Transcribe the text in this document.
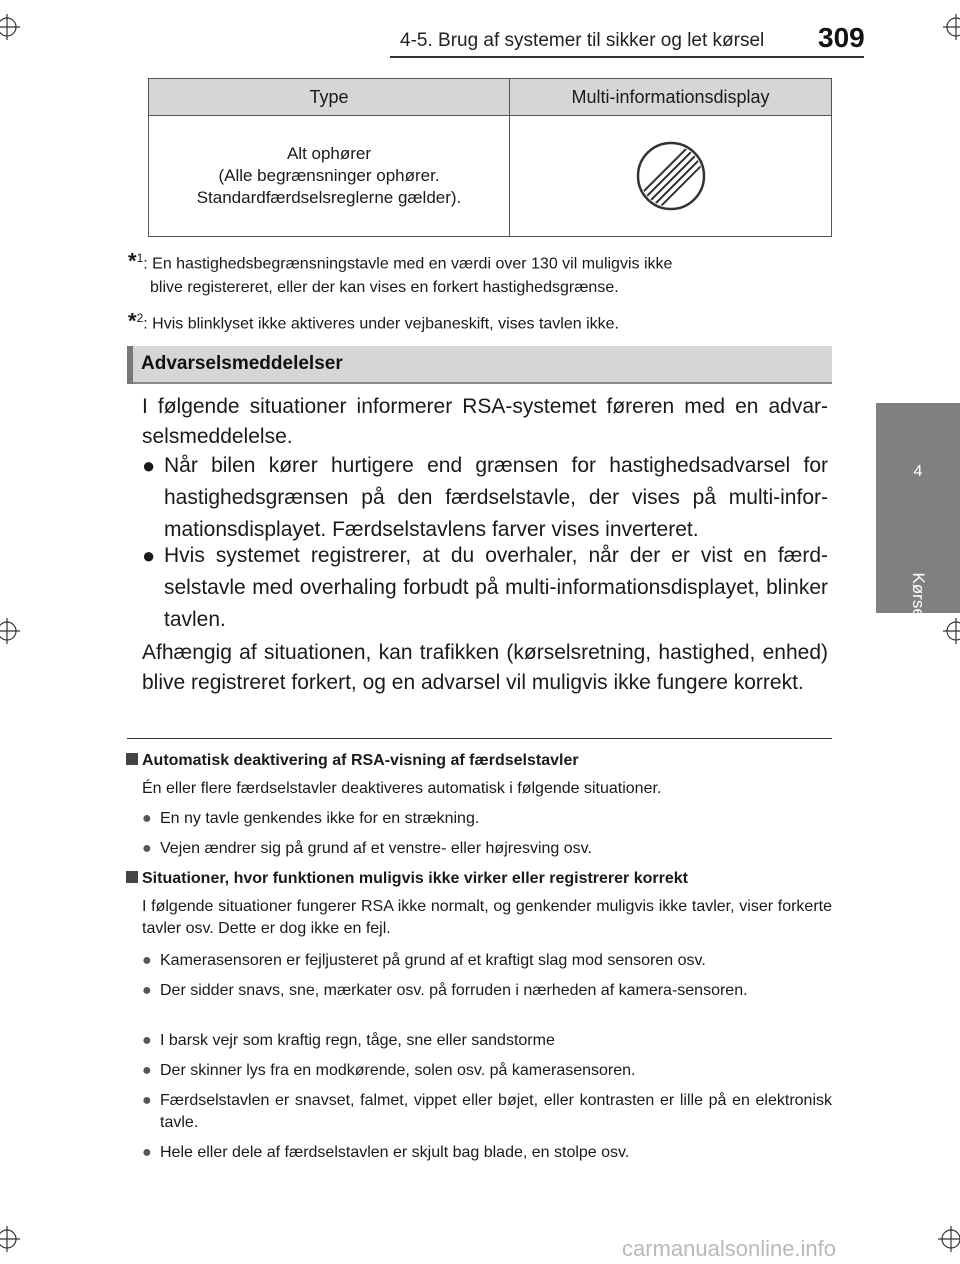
4-5. Brug af systemer til sikker og let kørsel 309
4
Kørsel
Type	Multi-informationsdisplay

Alt ophører
(Alle begrænsninger ophører.
Standardfærdselsreglerne gælder).

*$^1$: En hastighedsbegrænsningstavle med en værdi over 130 vil muligvis ikke
blive registereret, eller der kan vises en forkert hastighedsgrænse.
*$^2$: Hvis blinklyset ikke aktiveres under vejbaneskift, vises tavlen ikke.
Advarselsmeddelelser
I følgende situationer informerer RSA-systemet føreren med en advar-selsmeddelelse.
● Når bilen kører hurtigere end grænsen for hastighedsadvarsel for hastighedsgrænsen på den færdselstavle, der vises på multi-infor-mationsdisplayet. Færdselstavlens farver vises inverteret.
● Hvis systemet registrerer, at du overhaler, når der er vist en færd-selstavle med overhaling forbudt på multi-informationsdisplayet, blinker tavlen.
Afhængig af situationen, kan trafikken (kørselsretning, hastighed, enhed) blive registreret forkert, og en advarsel vil muligvis ikke fungere korrekt.
Automatisk deaktivering af RSA-visning af færdselstavler
Én eller flere færdselstavler deaktiveres automatisk i følgende situationer.
● En ny tavle genkendes ikke for en strækning.
● Vejen ændrer sig på grund af et venstre- eller højresving osv.
Situationer, hvor funktionen muligvis ikke virker eller registrerer korrekt
I følgende situationer fungerer RSA ikke normalt, og genkender muligvis ikke tavler, viser forkerte tavler osv. Dette er dog ikke en fejl.
● Kamerasensoren er fejljusteret på grund af et kraftigt slag mod sensoren osv.
● Der sidder snavs, sne, mærkater osv. på forruden i nærheden af kamera-sensoren.
● I barsk vejr som kraftig regn, tåge, sne eller sandstorme
● Der skinner lys fra en modkørende, solen osv. på kamerasensoren.
● Færdselstavlen er snavset, falmet, vippet eller bøjet, eller kontrasten er lille på en elektronisk tavle.
● Hele eller dele af færdselstavlen er skjult bag blade, en stolpe osv.
carmanualsonline.info
